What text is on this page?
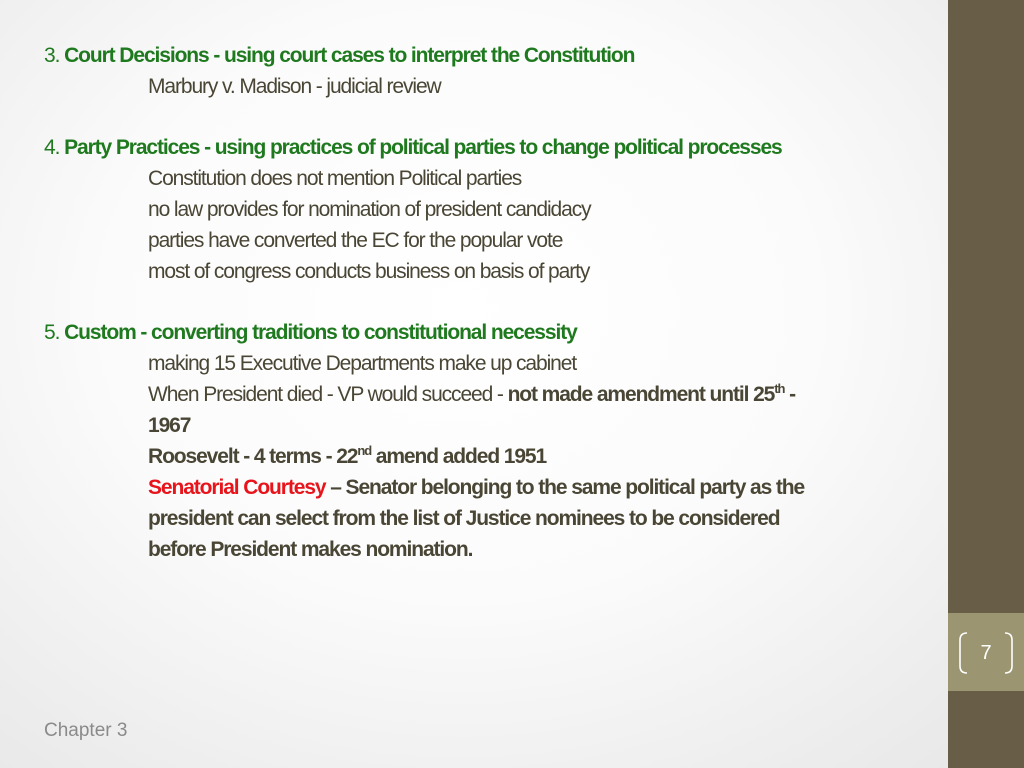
7
3. Court Decisions - using court cases to interpret the Constitution
Marbury v. Madison - judicial review
4. Party Practices - using practices of political parties to change political processes
Constitution does not mention Political parties
no law provides for nomination of president candidacy
parties have converted the EC for the popular vote
most of congress conducts business on basis of party
5. Custom - converting traditions to constitutional necessity
making 15 Executive Departments make up cabinet
When President died - VP would succeed - not made amendment until 25th -
1967
Roosevelt - 4 terms - 22nd amend added 1951
Senatorial Courtesy – Senator belonging to the same political party as the
president can select from the list of Justice nominees to be considered
before President makes nomination.
Chapter 3
